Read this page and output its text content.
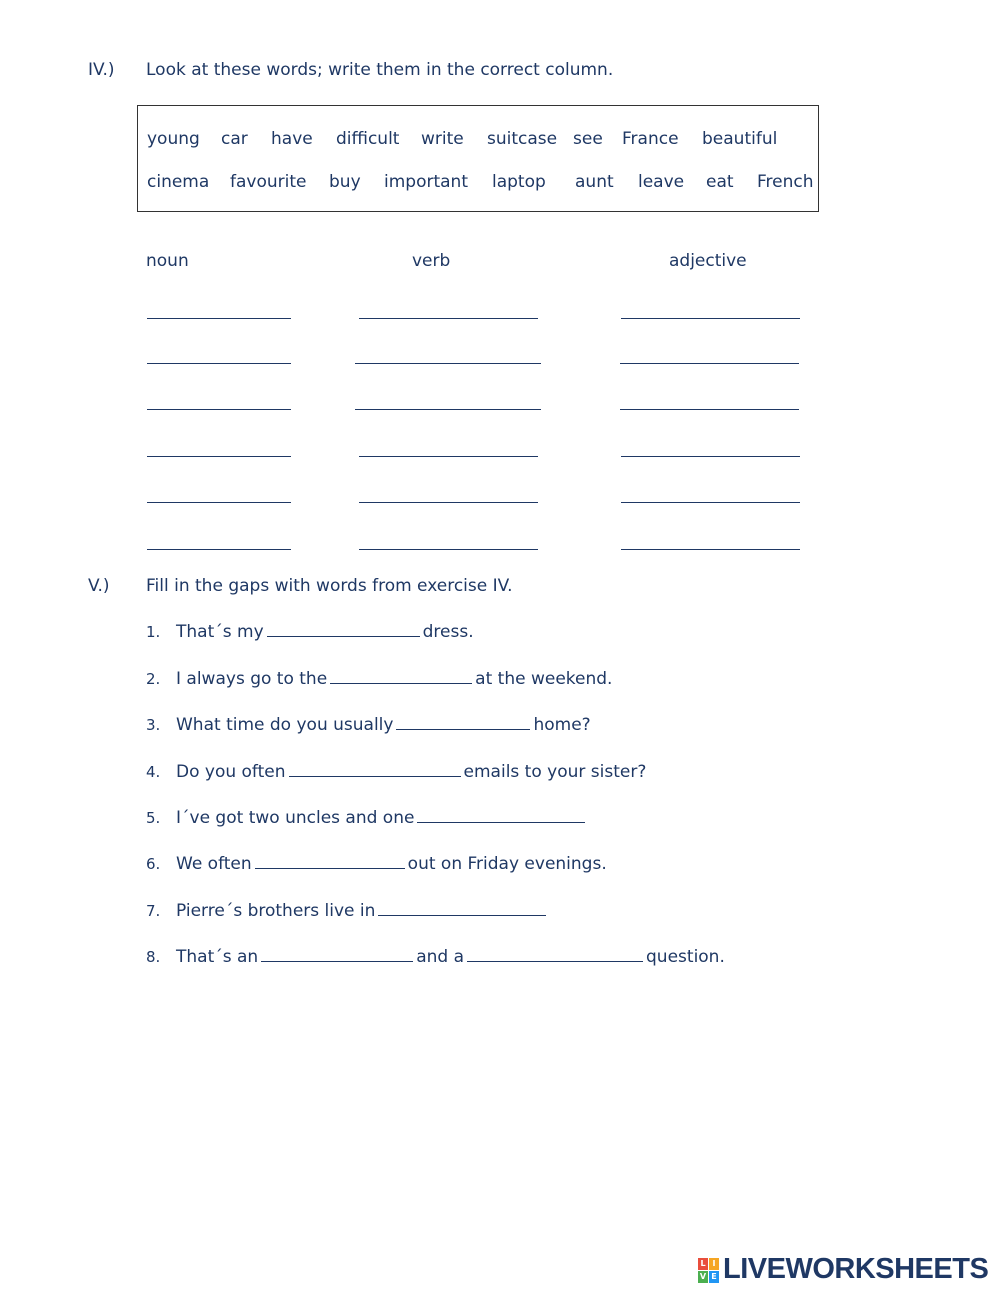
IV.) Look at these words; write them in the correct column.
young car have difficult write suitcase see France beautiful
cinema favourite buy important laptop aunt leave eat French
noun	verb	adjective
V.) Fill in the gaps with words from exercise IV.
1. That´s my	dress.
2. I always go to the	at the weekend.
3. What time do you usually	home?
4. Do you often	emails to your sister?
5. I´ve got two uncles and one
6. We often	out on Friday evenings.
7. Pierre´s brothers live in
8. That´s an	and a	question.
L I
V E LIVEWORKSHEETS
